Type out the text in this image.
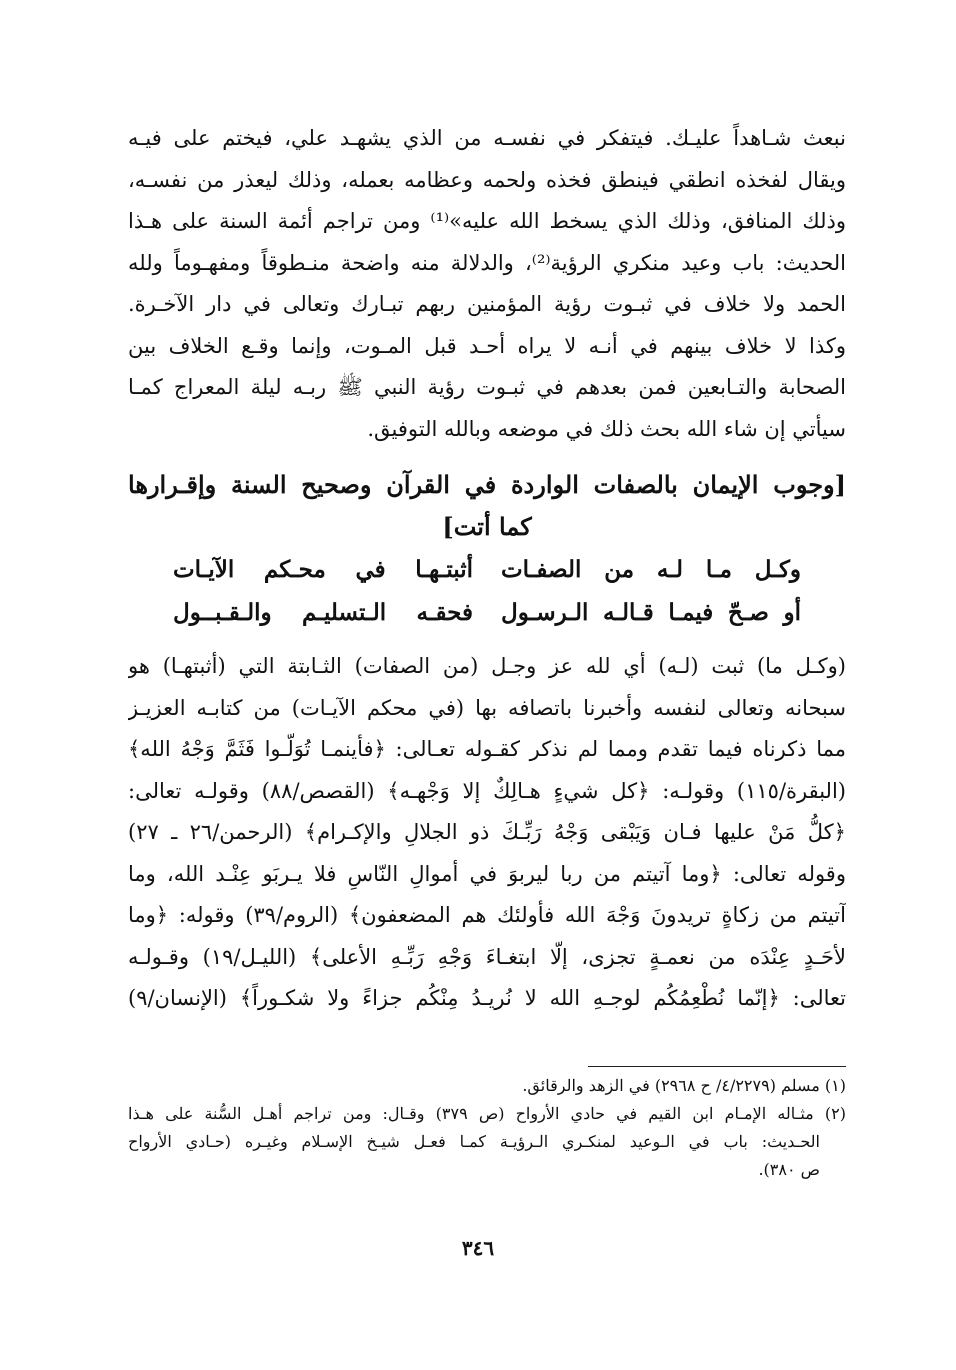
نبعث شـاهداً عليـك. فيتفكر في نفسـه من الذي يشهـد علي، فيختم على فيـه
ويقال لفخذه انطقي فينطق فخذه ولحمه وعظامه بعمله، وذلك ليعذر من نفسـه،
وذلك المنافق، وذلك الذي يسخط الله عليه»⁽¹⁾ ومن تراجم أئمة السنة على هـذا
الحديث: باب وعيد منكري الرؤية⁽²⁾، والدلالة منه واضحة منـطوقاً ومفهـوماً ولله
الحمد ولا خلاف في ثبـوت رؤية المؤمنين ربهم تبـارك وتعالى في دار الآخـرة.
وكذا لا خلاف بينهم في أنـه لا يراه أحـد قبل المـوت، وإنما وقـع الخلاف بين
الصحابة والتـابعين فمن بعدهم في ثبـوت رؤية النبي ﷺ ربـه ليلة المعراج كمـا
سيأتي إن شاء الله بحث ذلك في موضعه وبالله التوفيق.
[وجوب الإيمان بالصفات الواردة في القرآن وصحيح السنة وإقـرارها
كما أتت]
وكـل مـا لـه من الصفـات
أثبتـهـا في محـكم الآيـات
أو صـحّ فيمـا قـالـه الـرسـول
فحقـه الـتسليـم والـقـبــول
(وكـل ما) ثبت (لـه) أي لله عز وجـل (من الصفات) الثـابتة التي (أثبتهـا) هو
سبحانه وتعالى لنفسه وأخبرنا باتصافه بها (في محكم الآيـات) من كتابـه العزيـز
مما ذكرناه فيما تقدم ومما لم نذكر كقـوله تعـالى: ﴿فأينمـا تُوَلّـوا فَثَمَّ وَجْهُ الله﴾
(البقرة/١١٥) وقولـه: ﴿كل شيءٍ هـالِكٌ إلا وَجْهـه﴾ (القصص/٨٨) وقولـه تعالى:
﴿كلُّ مَنْ عليها فـان وَيَبْقى وَجْهُ رَبِّـكَ ذو الجلالِ والإكـرام﴾ (الرحمن/٢٦ ـ ٢٧)
وقوله تعالى: ﴿وما آتيتم من ربا ليربوَ في أموالِ النّاسِ فلا يـربَو عِنْـد الله، وما
آتيتم من زكاةٍ تريدونَ وَجْهَ الله فأولئك هم المضعفون﴾ (الروم/٣٩) وقوله: ﴿وما
لأحَـدٍ عِنْدَه من نعمـةٍ تجزى، إلّا ابتغـاءَ وَجْهِ رَبِّـهِ الأعلى﴾ (الليـل/١٩) وقـولـه
تعالى: ﴿إنّما نُطْعِمُكُم لوجـهِ الله لا نُريـدُ مِنْكُم جزاءً ولا شكـوراً﴾ (الإنسان/٩)
(١) مسلم (٤/٢٢٧٩/ ح ٢٩٦٨) في الزهد والرقائق.
(٢) مثـاله الإمـام ابن القيم في حادي الأرواح (ص ٣٧٩) وقـال: ومن تراجم أهـل السُّنة على هـذا
الحـديث: باب في الـوعيد لمنكـري الـرؤيـة كمـا فعـل شيـخ الإسـلام وغيـره (حـادي الأرواح
ص ٣٨٠).
٣٤٦
